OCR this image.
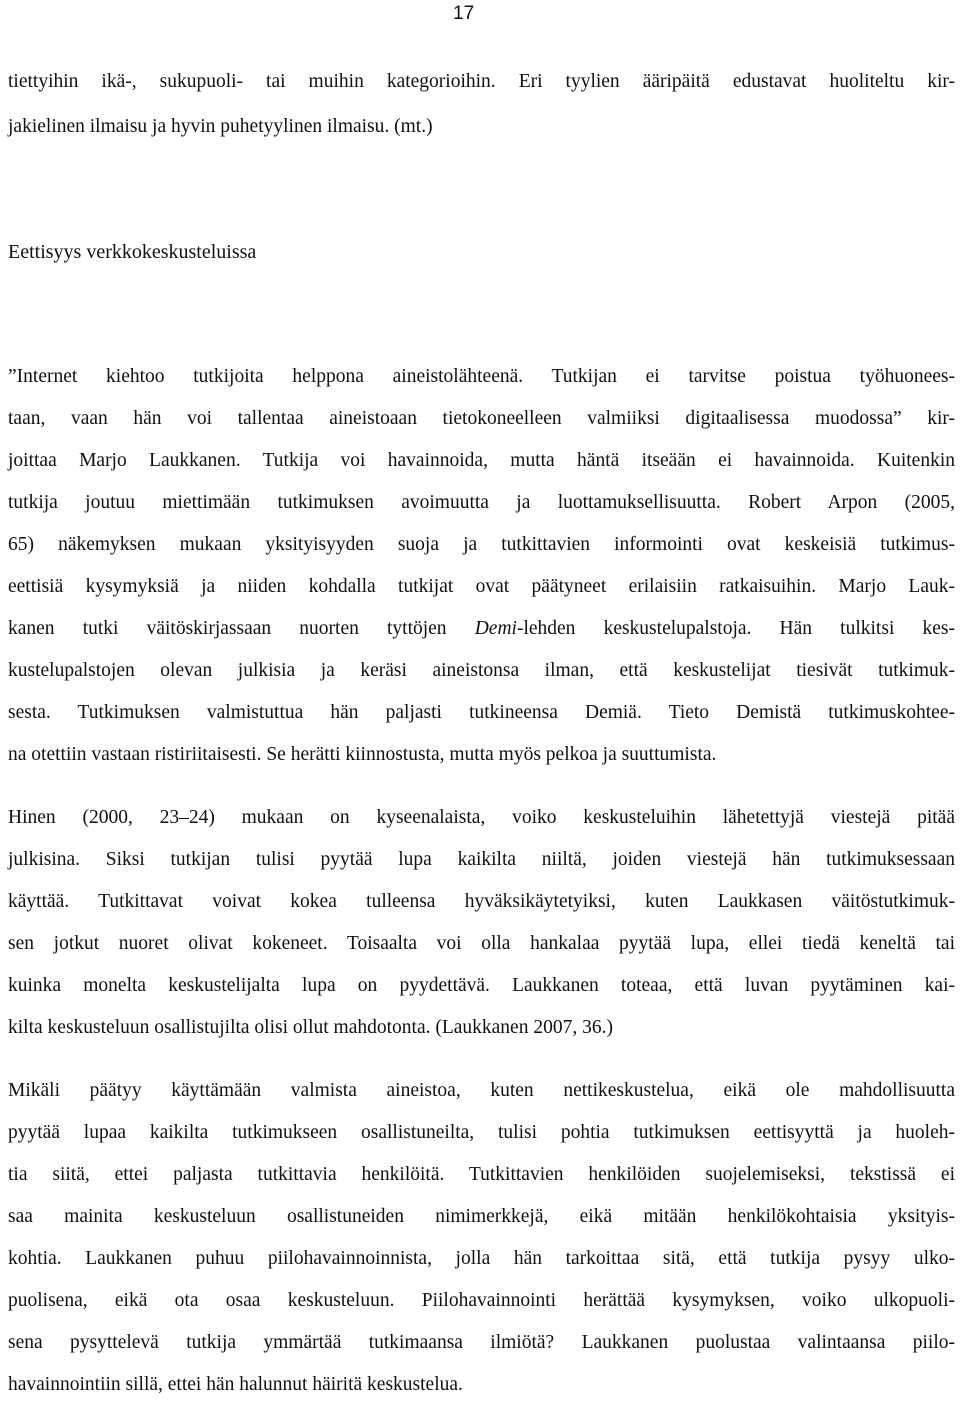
17
tiettyihin ikä-, sukupuoli- tai muihin kategorioihin. Eri tyylien ääripäitä edustavat huoliteltu kir-
jakielinen ilmaisu ja hyvin puhetyylinen ilmaisu. (mt.)
Eettisyys verkkokeskusteluissa
”Internet kiehtoo tutkijoita helppona aineistolähteenä. Tutkijan ei tarvitse poistua työhuonees-
taan, vaan hän voi tallentaa aineistoaan tietokoneelleen valmiiksi digitaalisessa muodossa” kir-
joittaa Marjo Laukkanen. Tutkija voi havainnoida, mutta häntä itseään ei havainnoida. Kuitenkin
tutkija joutuu miettimään tutkimuksen avoimuutta ja luottamuksellisuutta. Robert Arpon (2005,
65) näkemyksen mukaan yksityisyyden suoja ja tutkittavien informointi ovat keskeisiä tutkimus-
eettisiä kysymyksiä ja niiden kohdalla tutkijat ovat päätyneet erilaisiin ratkaisuihin. Marjo Lauk-
kanen tutki väitöskirjassaan nuorten tyttöjen Demi-lehden keskustelupalstoja. Hän tulkitsi kes-
kustelupalstojen olevan julkisia ja keräsi aineistonsa ilman, että keskustelijat tiesivät tutkimuk-
sesta. Tutkimuksen valmistuttua hän paljasti tutkineensa Demiä. Tieto Demistä tutkimuskohtee-
na otettiin vastaan ristiriitaisesti. Se herätti kiinnostusta, mutta myös pelkoa ja suuttumista.
Hinen (2000, 23–24) mukaan on kyseenalaista, voiko keskusteluihin lähetettyjä viestejä pitää
julkisina. Siksi tutkijan tulisi pyytää lupa kaikilta niiltä, joiden viestejä hän tutkimuksessaan
käyttää. Tutkittavat voivat kokea tulleensa hyväksikäytetyiksi, kuten Laukkasen väitöstutkimuk-
sen jotkut nuoret olivat kokeneet. Toisaalta voi olla hankalaa pyytää lupa, ellei tiedä keneltä tai
kuinka monelta keskustelijalta lupa on pyydettävä. Laukkanen toteaa, että luvan pyytäminen kai-
kilta keskusteluun osallistujilta olisi ollut mahdotonta. (Laukkanen 2007, 36.)
Mikäli päätyy käyttämään valmista aineistoa, kuten nettikeskustelua, eikä ole mahdollisuutta
pyytää lupaa kaikilta tutkimukseen osallistuneilta, tulisi pohtia tutkimuksen eettisyyttä ja huoleh-
tia siitä, ettei paljasta tutkittavia henkilöitä. Tutkittavien henkilöiden suojelemiseksi, tekstissä ei
saa mainita keskusteluun osallistuneiden nimimerkkejä, eikä mitään henkilökohtaisia yksityis-
kohtia. Laukkanen puhuu piilohavainnoinnista, jolla hän tarkoittaa sitä, että tutkija pysyy ulko-
puolisena, eikä ota osaa keskusteluun. Piilohavainnointi herättää kysymyksen, voiko ulkopuoli-
sena pysyttelevä tutkija ymmärtää tutkimaansa ilmiötä? Laukkanen puolustaa valintaansa piilo-
havainnointiin sillä, ettei hän halunnut häiritä keskustelua.
